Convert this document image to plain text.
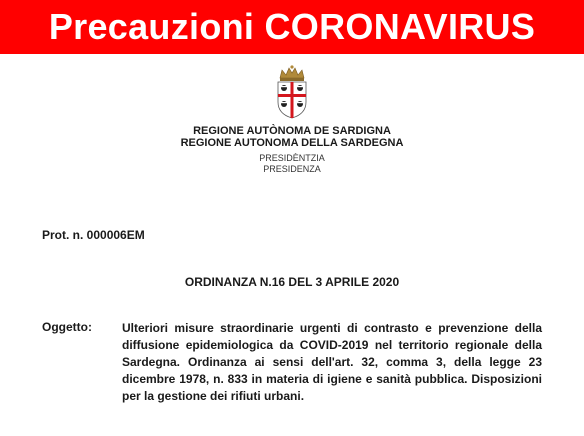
Precauzioni CORONAVIRUS
REGIONE AUTÒNOMA DE SARDIGNA
REGIONE AUTONOMA DELLA SARDEGNA
PRESIDÈNTZIA
PRESIDENZA
Prot. n. 000006EM
ORDINANZA N.16 DEL 3 APRILE 2020
Oggetto:	Ulteriori misure straordinarie urgenti di contrasto e prevenzione della
diffusione epidemiologica da COVID-2019 nel territorio regionale della
Sardegna. Ordinanza ai sensi dell'art. 32, comma 3, della legge 23
dicembre 1978, n. 833 in materia di igiene e sanità pubblica. Disposizioni
per la gestione dei rifiuti urbani.
